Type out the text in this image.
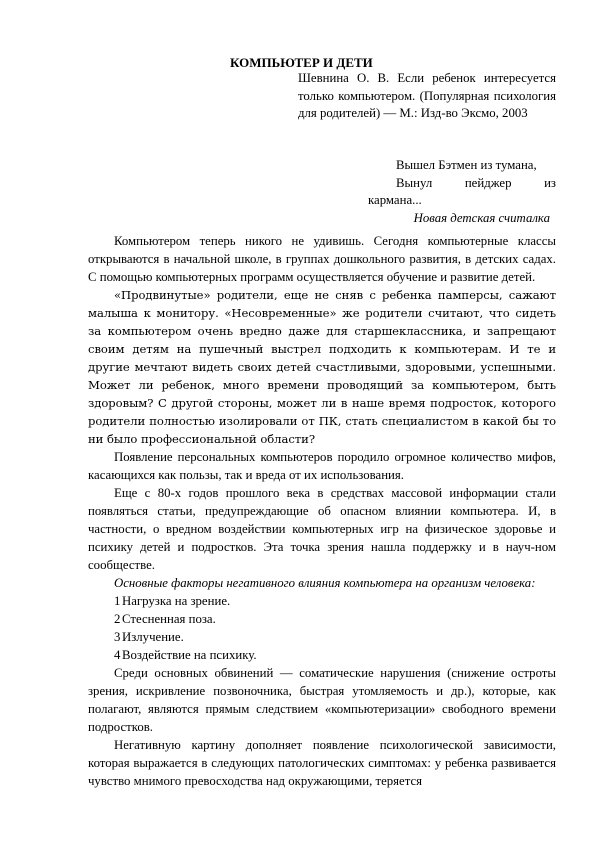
КОМПЬЮТЕР И ДЕТИ
Шевнина О. В. Если ребенок интересуется только компьютером. (Популярная психология для родителей) — М.: Изд-во Эксмо, 2003
Вышел Бэтмен из тумана,
Вынул	пейджер	из
кармана...
Новая детская считалка

Компьютером теперь никого не удивишь. Сегодня компьютерные классы открываются в начальной школе, в группах дошкольного развития, в детских садах. С помощью компьютерных программ осуществляется обучение и развитие детей.

«Продвинутые» родители, еще не сняв с ребенка памперсы, сажают малыша к монитору. «Несовременные» же родители считают, что сидеть за компьютером очень вредно даже для старшеклассника, и запрещают своим детям на пушечный выстрел подходить к компьютерам. И те и другие мечтают видеть своих детей счастливыми, здоровыми, успешными. Может ли ребенок, много времени проводящий за компьютером, быть здоровым? С другой стороны, может ли в наше время подросток, которого родители полностью изолировали от ПК, стать специалистом в какой бы то ни было профессиональной области?

Появление персональных компьютеров породило огромное количество мифов, касающихся как пользы, так и вреда от их использования.

Еще с 80-х годов прошлого века в средствах массовой информации стали появляться статьи, предупреждающие об опасном влиянии компьютера. И, в частности, о вредном воздействии компьютерных игр на физическое здоровье и психику детей и подростков. Эта точка зрения нашла поддержку и в науч-ном сообществе.

Основные факторы негативного влияния компьютера на организм человека:

1 Нагрузка на зрение.
2 Стесненная поза.
3 Излучение.
4 Воздействие на психику.

Среди основных обвинений — соматические нарушения (снижение остроты зрения, искривление позвоночника, быстрая утомляемость и др.), которые, как полагают, являются прямым следствием «компьютеризации» свободного времени подростков.

Негативную картину дополняет появление психологической зависимости, которая выражается в следующих патологических симптомах: у ребенка развивается чувство мнимого превосходства над окружающими, теряется
